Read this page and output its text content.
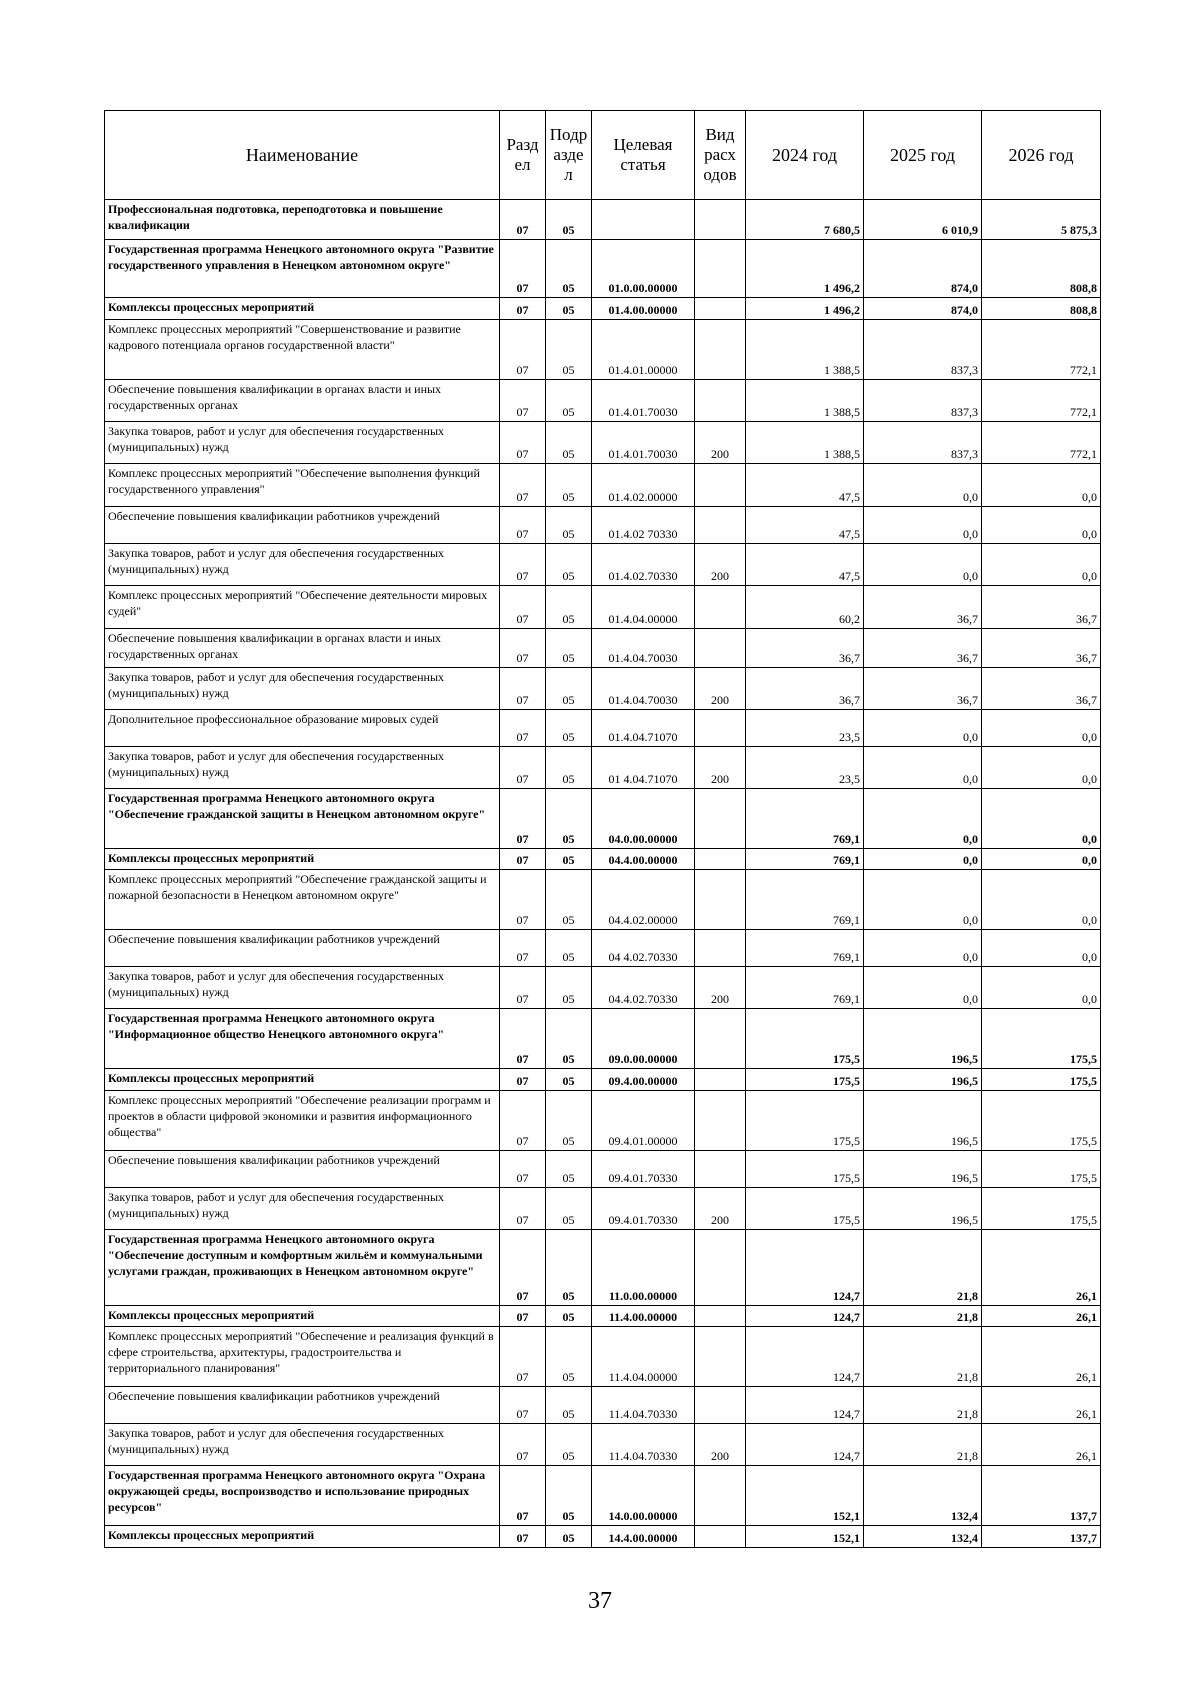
Наименование	Разд ел	Подр азде л	Целевая статья	Вид расх одов	2024 год	2025 год	2026 год
Профессиональная подготовка, переподготовка и повышение квалификации	07	05			7 680,5	6 010,9	5 875,3
Государственная программа Ненецкого автономного округа "Развитие государственного управления в Ненецком автономном округе"	07	05	01.0.00.00000		1 496,2	874,0	808,8
Комплексы процессных мероприятий	07	05	01.4.00.00000		1 496,2	874,0	808,8
Комплекс процессных мероприятий "Совершенствование и развитие кадрового потенциала органов государственной власти"	07	05	01.4.01.00000		1 388,5	837,3	772,1
Обеспечение повышения квалификации в органах власти и иных государственных органах	07	05	01.4.01.70030		1 388,5	837,3	772,1
Закупка товаров, работ и услуг для обеспечения государственных (муниципальных) нужд	07	05	01.4.01.70030	200	1 388,5	837,3	772,1
Комплекс процессных мероприятий "Обеспечение выполнения функций государственного управления"	07	05	01.4.02.00000		47,5	0,0	0,0
Обеспечение повышения квалификации работников учреждений	07	05	01.4.02 70330		47,5	0,0	0,0
Закупка товаров, работ и услуг для обеспечения государственных (муниципальных) нужд	07	05	01.4.02.70330	200	47,5	0,0	0,0
Комплекс процессных мероприятий "Обеспечение деятельности мировых судей"	07	05	01.4.04.00000		60,2	36,7	36,7
Обеспечение повышения квалификации в органах власти и иных государственных органах	07	05	01.4.04.70030		36,7	36,7	36,7
Закупка товаров, работ и услуг для обеспечения государственных (муниципальных) нужд	07	05	01.4.04.70030	200	36,7	36,7	36,7
Дополнительное профессиональное образование мировых судей	07	05	01.4.04.71070		23,5	0,0	0,0
Закупка товаров, работ и услуг для обеспечения государственных (муниципальных) нужд	07	05	01 4.04.71070	200	23,5	0,0	0,0
Государственная программа Ненецкого автономного округа "Обеспечение гражданской защиты в Ненецком автономном округе"	07	05	04.0.00.00000		769,1	0,0	0,0
Комплексы процессных мероприятий	07	05	04.4.00.00000		769,1	0,0	0,0
Комплекс процессных мероприятий "Обеспечение гражданской защиты и пожарной безопасности в Ненецком автономном округе"	07	05	04.4.02.00000		769,1	0,0	0,0
Обеспечение повышения квалификации работников учреждений	07	05	04 4.02.70330		769,1	0,0	0,0
Закупка товаров, работ и услуг для обеспечения государственных (муниципальных) нужд	07	05	04.4.02.70330	200	769,1	0,0	0,0
Государственная программа Ненецкого автономного округа "Информационное общество Ненецкого автономного округа"	07	05	09.0.00.00000		175,5	196,5	175,5
Комплексы процессных мероприятий	07	05	09.4.00.00000		175,5	196,5	175,5
Комплекс процессных мероприятий "Обеспечение реализации программ и проектов в области цифровой экономики и развития информационного общества"	07	05	09.4.01.00000		175,5	196,5	175,5
Обеспечение повышения квалификации работников учреждений	07	05	09.4.01.70330		175,5	196,5	175,5
Закупка товаров, работ и услуг для обеспечения государственных (муниципальных) нужд	07	05	09.4.01.70330	200	175,5	196,5	175,5
Государственная программа Ненецкого автономного округа "Обеспечение доступным и комфортным жильём и коммунальными услугами граждан, проживающих в Ненецком автономном округе"	07	05	11.0.00.00000		124,7	21,8	26,1
Комплексы процессных мероприятий	07	05	11.4.00.00000		124,7	21,8	26,1
Комплекс процессных мероприятий "Обеспечение и реализация функций в сфере строительства, архитектуры, градостроительства и территориального планирования"	07	05	11.4.04.00000		124,7	21,8	26,1
Обеспечение повышения квалификации работников учреждений	07	05	11.4.04.70330		124,7	21,8	26,1
Закупка товаров, работ и услуг для обеспечения государственных (муниципальных) нужд	07	05	11.4.04.70330	200	124,7	21,8	26,1
Государственная программа Ненецкого автономного округа "Охрана окружающей среды, воспроизводство и использование природных ресурсов"	07	05	14.0.00.00000		152,1	132,4	137,7
Комплексы процессных мероприятий	07	05	14.4.00.00000		152,1	132,4	137,7
37
